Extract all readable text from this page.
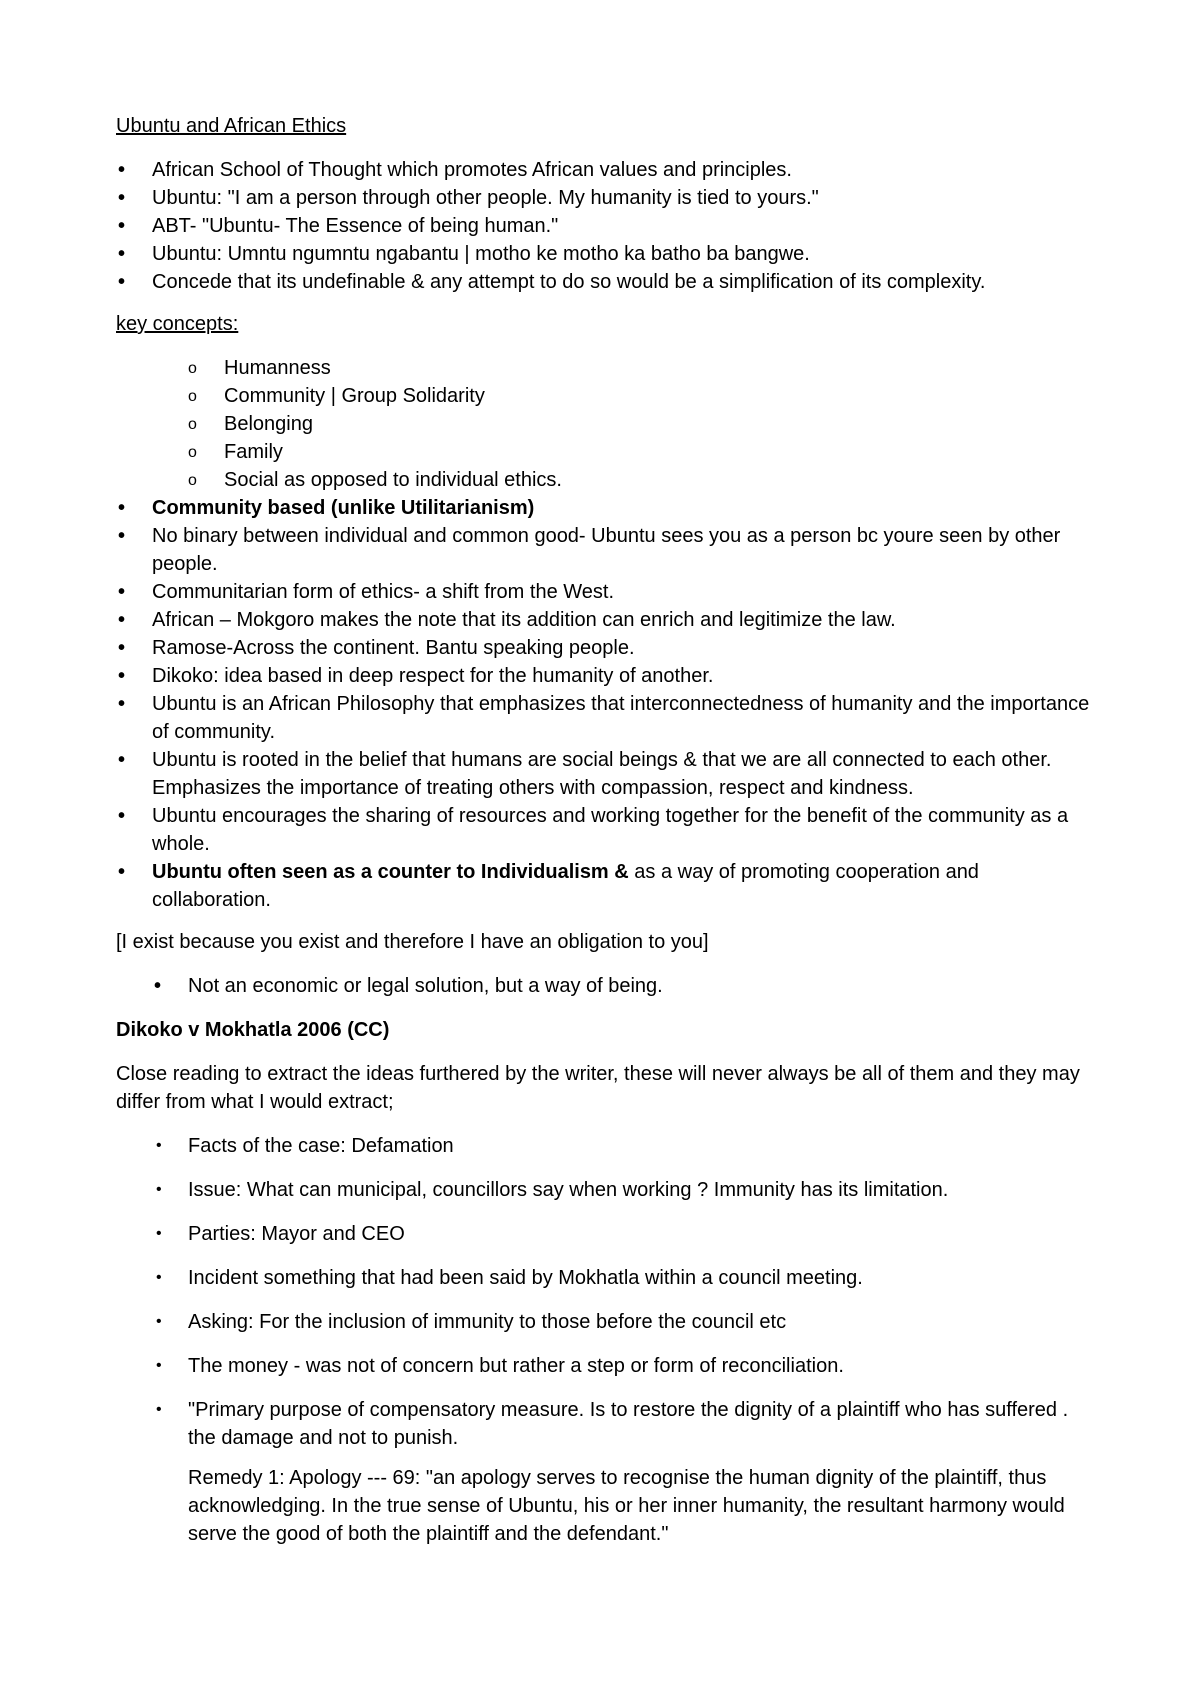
Ubuntu and African Ethics

• African School of Thought which promotes African values and principles.
• Ubuntu: "I am a person through other people. My humanity is tied to yours."
• ABT- "Ubuntu- The Essence of being human."
• Ubuntu: Umntu ngumntu ngabantu | motho ke motho ka batho ba bangwe.
• Concede that its undefinable & any attempt to do so would be a simplification of its complexity.

key concepts:

o Humanness
o Community | Group Solidarity
o Belonging
o Family
o Social as opposed to individual ethics.
• Community based (unlike Utilitarianism)
• No binary between individual and common good- Ubuntu sees you as a person bc youre seen by other people.
• Communitarian form of ethics- a shift from the West.
• African – Mokgoro makes the note that its addition can enrich and legitimize the law.
• Ramose-Across the continent. Bantu speaking people.
• Dikoko: idea based in deep respect for the humanity of another.
• Ubuntu is an African Philosophy that emphasizes that interconnectedness of humanity and the importance of community.
• Ubuntu is rooted in the belief that humans are social beings & that we are all connected to each other. Emphasizes the importance of treating others with compassion, respect and kindness.
• Ubuntu encourages the sharing of resources and working together for the benefit of the community as a whole.
• Ubuntu often seen as a counter to Individualism & as a way of promoting cooperation and collaboration.

[I exist because you exist and therefore I have an obligation to you]

• Not an economic or legal solution, but a way of being.

Dikoko v Mokhatla 2006 (CC)

Close reading to extract the ideas furthered by the writer, these will never always be all of them and they may differ from what I would extract;

• Facts of the case: Defamation
• Issue: What can municipal, councillors say when working ? Immunity has its limitation.
• Parties: Mayor and CEO
• Incident something that had been said by Mokhatla within a council meeting.
• Asking: For the inclusion of immunity to those before the council etc
• The money - was not of concern but rather a step or form of reconciliation.
• "Primary purpose of compensatory measure. Is to restore the dignity of a plaintiff who has suffered . the damage and not to punish.

Remedy 1: Apology --- 69: "an apology serves to recognise the human dignity of the plaintiff, thus acknowledging. In the true sense of Ubuntu, his or her inner humanity, the resultant harmony would serve the good of both the plaintiff and the defendant."
